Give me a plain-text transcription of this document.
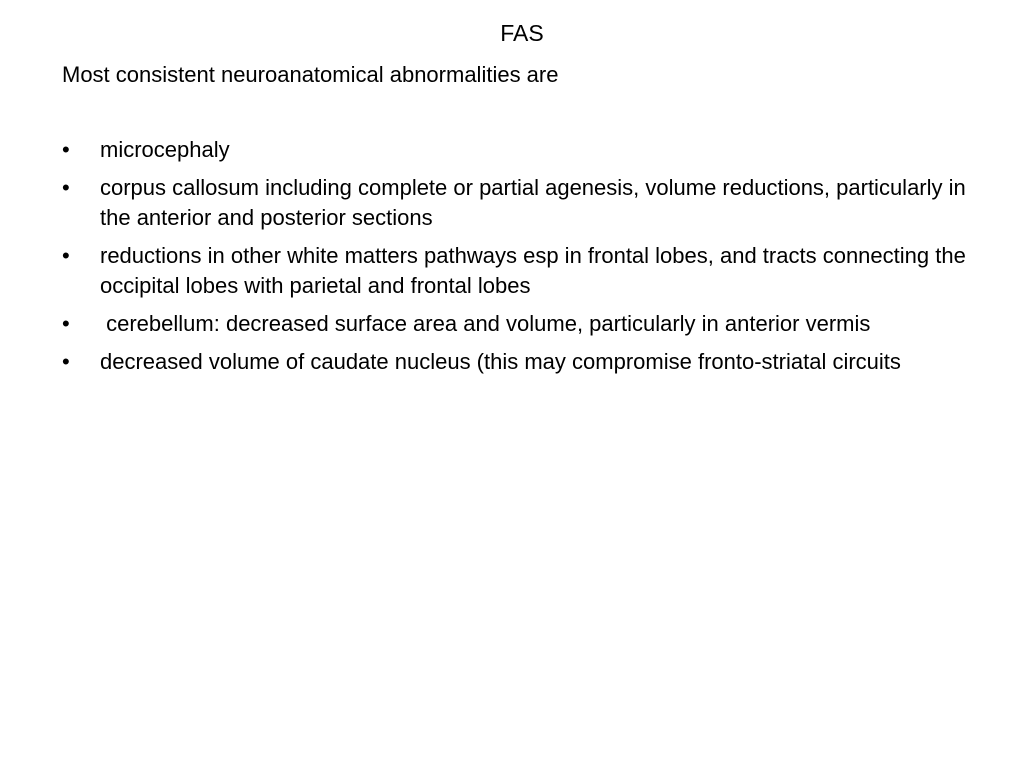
FAS
Most consistent neuroanatomical abnormalities are
•	microcephaly
•	corpus callosum including complete or partial agenesis, volume reductions, particularly in the anterior and posterior sections
•	reductions in other white matters pathways esp in frontal lobes, and tracts connecting the occipital lobes with parietal and frontal lobes
•	cerebellum: decreased surface area and volume, particularly in anterior vermis
•	decreased volume of caudate nucleus (this may compromise fronto-striatal circuits
